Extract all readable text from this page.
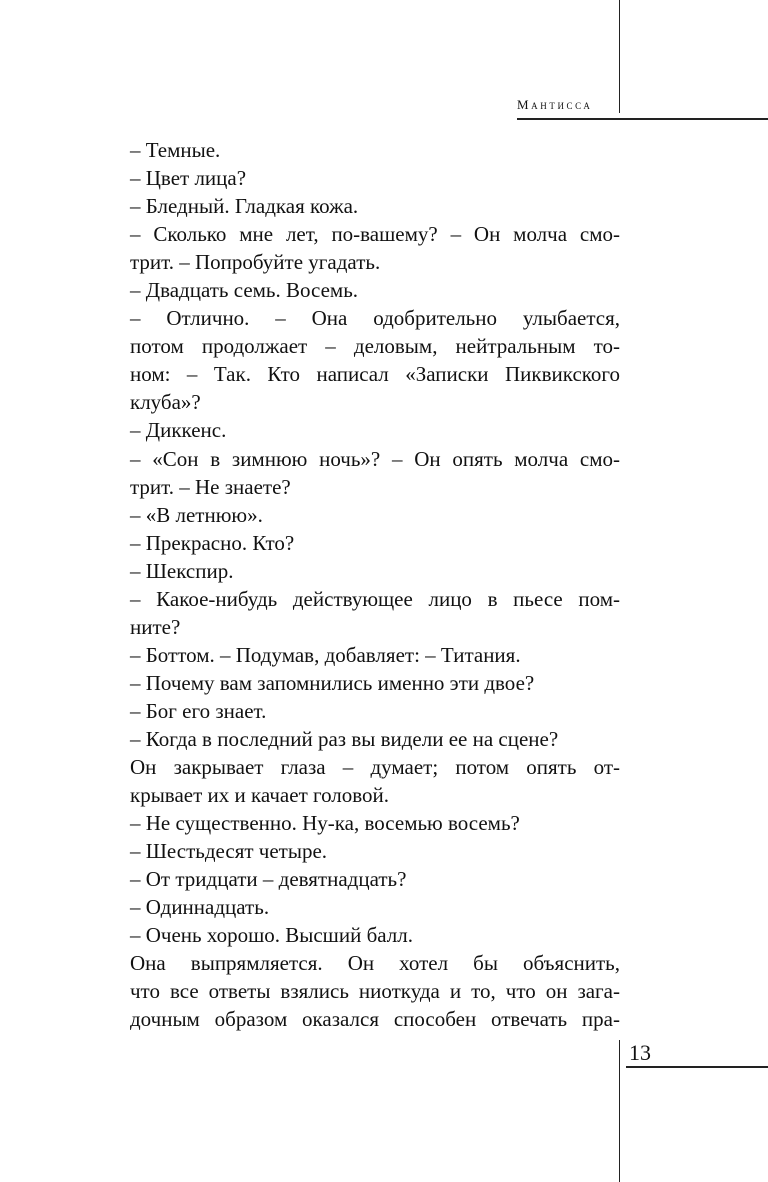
Мантисса

– Темные.

– Цвет лица?

– Бледный. Гладкая кожа.

– Сколько мне лет, по-вашему? – Он молча смо-

трит. – Попробуйте угадать.

– Двадцать семь. Восемь.

– Отлично. – Она одобрительно улыбается,

потом продолжает – деловым, нейтральным то-

ном: – Так. Кто написал «Записки Пиквикского

клуба»?

– Диккенс.

– «Сон в зимнюю ночь»? – Он опять молча смо-

трит. – Не знаете?

– «В летнюю».

– Прекрасно. Кто?

– Шекспир.

– Какое-нибудь действующее лицо в пьесе пом-

ните?

– Боттом. – Подумав, добавляет: – Титания.

– Почему вам запомнились именно эти двое?

– Бог его знает.

– Когда в последний раз вы видели ее на сцене?

Он закрывает глаза – думает; потом опять от-

крывает их и качает головой.

– Не существенно. Ну-ка, восемью восемь?

– Шестьдесят четыре.

– От тридцати – девятнадцать?

– Одиннадцать.

– Очень хорошо. Высший балл.

Она выпрямляется. Он хотел бы объяснить,

что все ответы взялись ниоткуда и то, что он зага-

дочным образом оказался способен отвечать пра-

13
